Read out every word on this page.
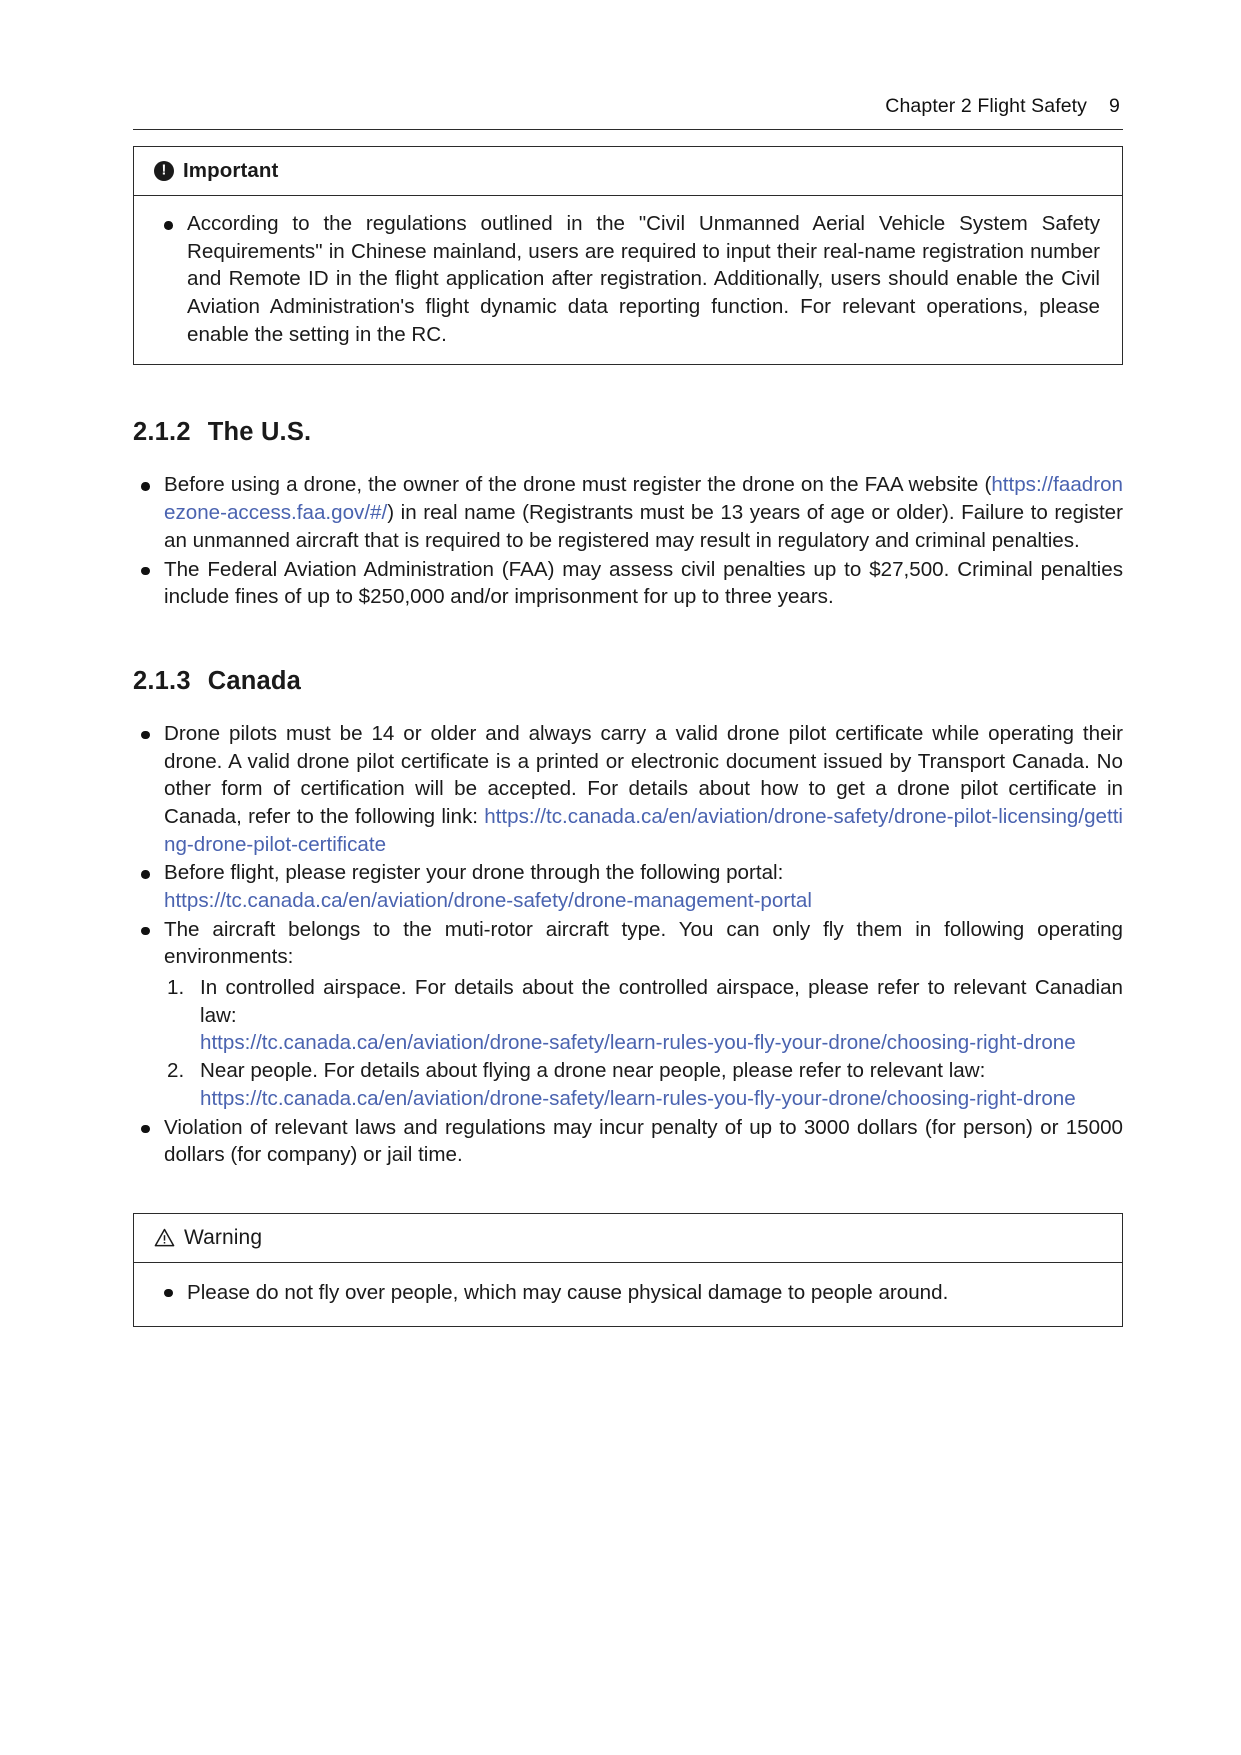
Chapter 2 Flight Safety 9
!
Important
According to the regulations outlined in the "Civil Unmanned Aerial Vehicle System Safety Requirements" in Chinese mainland, users are required to input their real-name registration number and Remote ID in the flight application after registration. Additionally, users should enable the Civil Aviation Administration's flight dynamic data reporting function. For relevant operations, please enable the setting in the RC.
2.1.2 The U.S.
Before using a drone, the owner of the drone must register the drone on the FAA website (https://faadronezone-access.faa.gov/#/) in real name (Registrants must be 13 years of age or older). Failure to register an unmanned aircraft that is required to be registered may result in regulatory and criminal penalties.
The Federal Aviation Administration (FAA) may assess civil penalties up to $27,500. Criminal penalties include fines of up to $250,000 and/or imprisonment for up to three years.
2.1.3 Canada
Drone pilots must be 14 or older and always carry a valid drone pilot certificate while operating their drone. A valid drone pilot certificate is a printed or electronic document issued by Transport Canada. No other form of certification will be accepted. For details about how to get a drone pilot certificate in Canada, refer to the following link: https://tc.canada.ca/en/aviation/drone-safety/drone-pilot-licensing/getting-drone-pilot-certificate
Before flight, please register your drone through the following portal:
https://tc.canada.ca/en/aviation/drone-safety/drone-management-portal
The aircraft belongs to the muti-rotor aircraft type. You can only fly them in following operating environments:
1. In controlled airspace. For details about the controlled airspace, please refer to relevant Canadian law:
https://tc.canada.ca/en/aviation/drone-safety/learn-rules-you-fly-your-drone/choosing-right-drone
2. Near people. For details about flying a drone near people, please refer to relevant law:
https://tc.canada.ca/en/aviation/drone-safety/learn-rules-you-fly-your-drone/choosing-right-drone
Violation of relevant laws and regulations may incur penalty of up to 3000 dollars (for person) or 15000 dollars (for company) or jail time.
Warning
Please do not fly over people, which may cause physical damage to people around.
